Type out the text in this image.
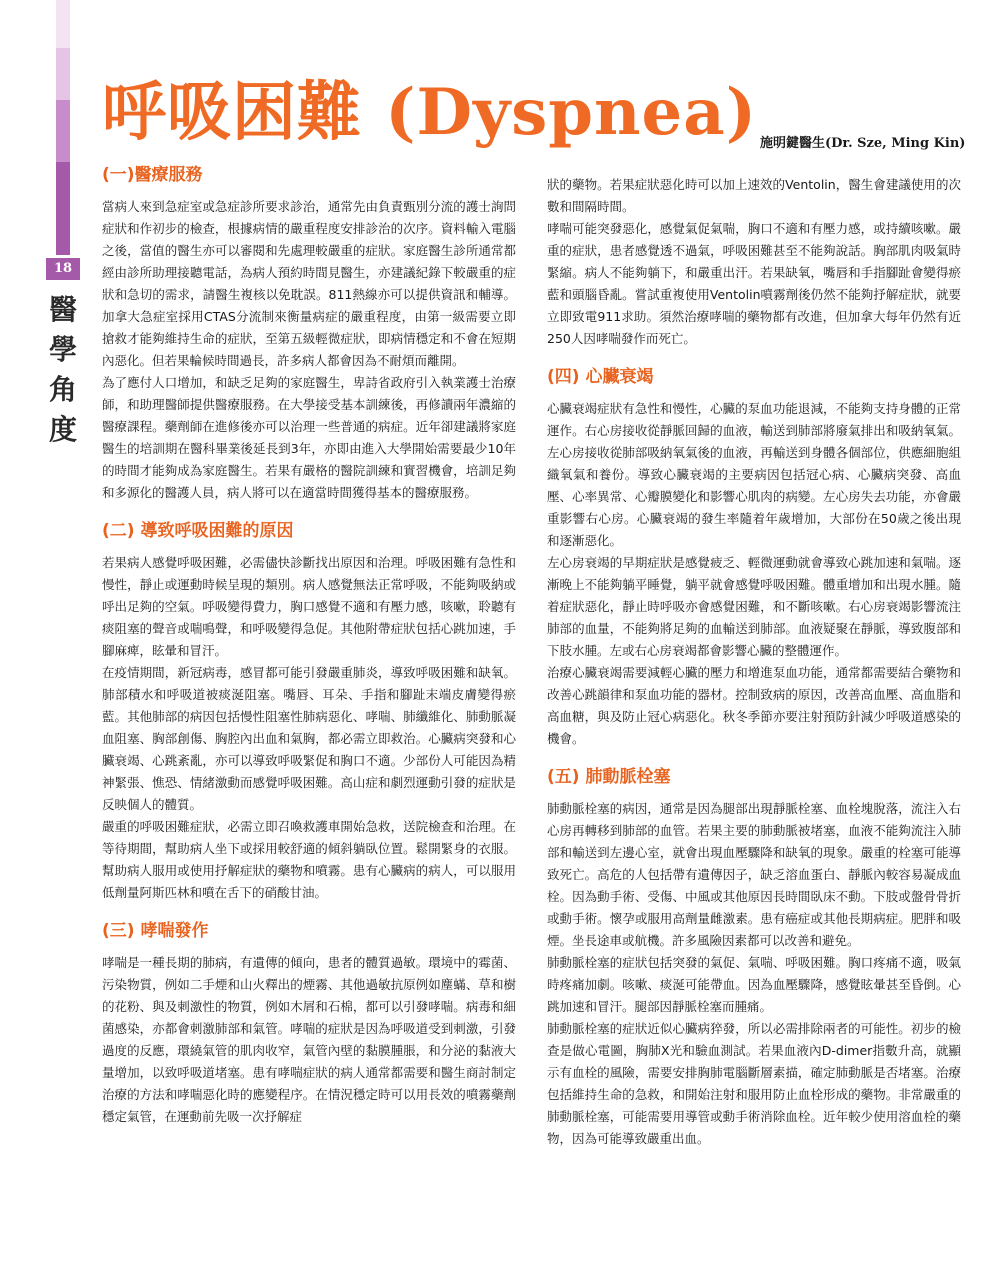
18
醫
學
角
度
呼吸困難 (Dyspnea) 施明鍵醫生(Dr. Sze, Ming Kin)
(一)醫療服務

當病人來到急症室或急症診所要求診治，通常先由負責甄別分流的護士詢問症狀和作初步的檢查，根據病情的嚴重程度安排診治的次序。資料輸入電腦之後，當值的醫生亦可以審閱和先處理較嚴重的症狀。家庭醫生診所通常都經由診所助理接聽電話，為病人預約時間見醫生，亦建議紀錄下較嚴重的症狀和急切的需求，請醫生複核以免耽誤。811熱線亦可以提供資訊和輔導。加拿大急症室採用CTAS分流制來衡量病症的嚴重程度，由第一級需要立即搶救才能夠維持生命的症狀，至第五級輕微症狀，即病情穩定和不會在短期內惡化。但若果輪候時間過長，許多病人都會因為不耐煩而離開。

為了應付人口增加，和缺乏足夠的家庭醫生，卑詩省政府引入執業護士治療師，和助理醫師提供醫療服務。在大學接受基本訓練後，再修讀兩年濃縮的醫療課程。藥劑師在進修後亦可以治理一些普通的病症。近年卻建議將家庭醫生的培訓期在醫科畢業後延長到3年，亦即由進入大學開始需要最少10年的時間才能夠成為家庭醫生。若果有嚴格的醫院訓練和實習機會，培訓足夠和多源化的醫護人員，病人將可以在適當時間獲得基本的醫療服務。

(二) 導致呼吸困難的原因

若果病人感覺呼吸困難，必需儘快診斷找出原因和治理。呼吸困難有急性和慢性，靜止或運動時候呈現的類別。病人感覺無法正常呼吸，不能夠吸納或呼出足夠的空氣。呼吸變得費力，胸口感覺不適和有壓力感，咳嗽，聆聽有痰阻塞的聲音或喘鳴聲，和呼吸變得急促。其他附帶症狀包括心跳加速，手腳麻痺，眩暈和冒汗。

在疫情期間，新冠病毒，感冒都可能引發嚴重肺炎，導致呼吸困難和缺氧。肺部積水和呼吸道被痰涎阻塞。嘴唇、耳朵、手指和腳趾末端皮膚變得瘀藍。其他肺部的病因包括慢性阻塞性肺病惡化、哮喘、肺纖維化、肺動脈凝血阻塞、胸部創傷、胸腔內出血和氣胸，都必需立即救治。心臟病突發和心臟衰竭、心跳紊亂，亦可以導致呼吸緊促和胸口不適。少部份人可能因為精神緊張、憔恐、情緒激動而感覺呼吸困難。高山症和劇烈運動引發的症狀是反映個人的體質。

嚴重的呼吸困難症狀，必需立即召喚救護車開始急救，送院檢查和治理。在等待期間，幫助病人坐下或採用較舒適的傾斜躺臥位置。鬆開緊身的衣服。幫助病人服用或使用抒解症狀的藥物和噴霧。患有心臟病的病人，可以服用低劑量阿斯匹林和噴在舌下的硝酸甘油。

(三) 哮喘發作

哮喘是一種長期的肺病，有遺傳的傾向，患者的體質過敏。環境中的霉菌、污染物質，例如二手煙和山火釋出的煙霧、其他過敏抗原例如塵蟎、草和樹的花粉、與及刺激性的物質，例如木屑和石棉，都可以引發哮喘。病毒和細菌感染，亦都會刺激肺部和氣管。哮喘的症狀是因為呼吸道受到刺激，引發過度的反應，環繞氣管的肌肉收窄，氣管內壁的黏膜腫脹，和分泌的黏液大量增加，以致呼吸道堵塞。患有哮喘症狀的病人通常都需要和醫生商討制定治療的方法和哮喘惡化時的應變程序。在情況穩定時可以用長效的噴霧藥劑穩定氣管，在運動前先吸一次抒解症

狀的藥物。若果症狀惡化時可以加上速效的Ventolin，醫生會建議使用的次數和間隔時間。

哮喘可能突發惡化，感覺氣促氣喘，胸口不適和有壓力感，或持續咳嗽。嚴重的症狀，患者感覺透不過氣，呼吸困難甚至不能夠說話。胸部肌肉吸氣時緊縮。病人不能夠躺下，和嚴重出汗。若果缺氧，嘴唇和手指腳趾會變得瘀藍和頭腦昏亂。嘗試重複使用Ventolin噴霧劑後仍然不能夠抒解症狀，就要立即致電911求助。須然治療哮喘的藥物都有改進，但加拿大每年仍然有近250人因哮喘發作而死亡。

(四) 心臟衰竭

心臟衰竭症狀有急性和慢性，心臟的泵血功能退減，不能夠支持身體的正常運作。右心房接收從靜脈回歸的血液，輸送到肺部將廢氣排出和吸納氧氣。左心房接收從肺部吸納氧氣後的血液，再輸送到身體各個部位，供應細胞組織氧氣和養份。導致心臟衰竭的主要病因包括冠心病、心臟病突發、高血壓、心率異常、心瓣膜變化和影響心肌肉的病變。左心房失去功能，亦會嚴重影響右心房。心臟衰竭的發生率隨着年歲增加，大部份在50歲之後出現和逐漸惡化。

左心房衰竭的早期症狀是感覺疲乏、輕微運動就會導致心跳加速和氣喘。逐漸晚上不能夠躺平睡覺，躺平就會感覺呼吸困難。體重增加和出現水腫。隨着症狀惡化，靜止時呼吸亦會感覺困難，和不斷咳嗽。右心房衰竭影響流注肺部的血量，不能夠將足夠的血輸送到肺部。血液疑聚在靜脈，導致腹部和下肢水腫。左或右心房衰竭都會影響心臟的整體運作。

治療心臟衰竭需要減輕心臟的壓力和增進泵血功能，通常都需要結合藥物和改善心跳韻律和泵血功能的器材。控制致病的原因，改善高血壓、高血脂和高血糖，與及防止冠心病惡化。秋冬季節亦要注射預防針減少呼吸道感染的機會。

(五) 肺動脈栓塞

肺動脈栓塞的病因，通常是因為腿部出現靜脈栓塞、血栓塊脫落，流注入右心房再轉移到肺部的血管。若果主要的肺動脈被堵塞，血液不能夠流注入肺部和輸送到左邊心室，就會出現血壓驟降和缺氧的現象。嚴重的栓塞可能導致死亡。高危的人包括帶有遺傳因子，缺乏溶血蛋白、靜脈內較容易凝成血栓。因為動手術、受傷、中風或其他原因長時間臥床不動。下肢或盤骨骨折或動手術。懷孕或服用高劑量雌激素。患有癌症或其他長期病症。肥胖和吸煙。坐長途車或航機。許多風險因素都可以改善和避免。

肺動脈栓塞的症狀包括突發的氣促、氣喘、呼吸困難。胸口疼痛不適，吸氣時疼痛加劇。咳嗽、痰涎可能帶血。因為血壓驟降，感覺眩暈甚至昏倒。心跳加速和冒汗。腿部因靜脈栓塞而腫痛。

肺動脈栓塞的症狀近似心臟病猝發，所以必需排除兩者的可能性。初步的檢查是做心電圖，胸肺X光和驗血測試。若果血液內D-dimer指數升高，就顯示有血栓的風險，需要安排胸肺電腦斷層素描，確定肺動脈是否堵塞。治療包括維持生命的急救，和開始注射和服用防止血栓形成的藥物。非常嚴重的肺動脈栓塞，可能需要用導管或動手術消除血栓。近年較少使用溶血栓的藥物，因為可能導致嚴重出血。
